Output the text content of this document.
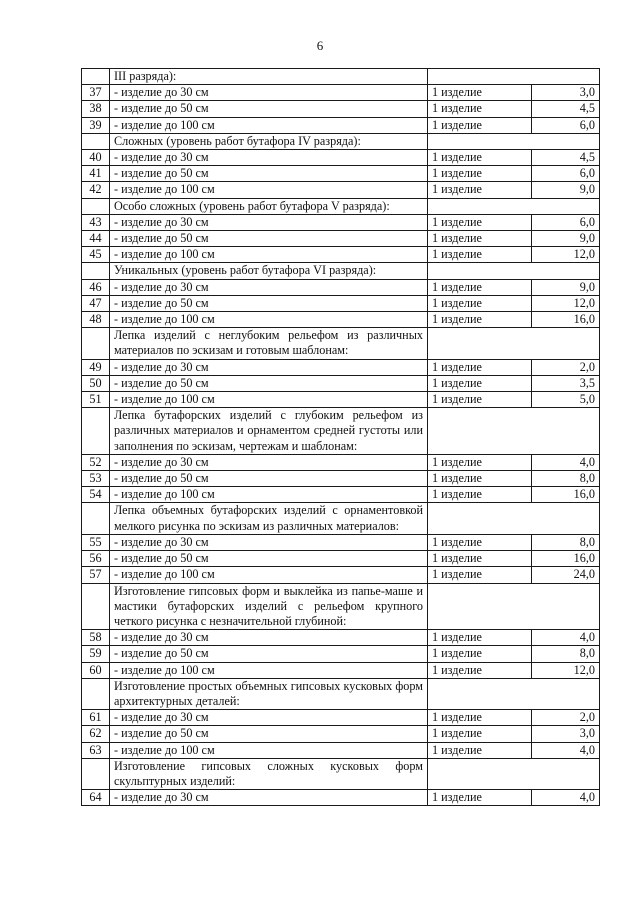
6
	III разряда):		
37	- изделие до 30 см	1 изделие	3,0
38	- изделие до 50 см	1 изделие	4,5
39	- изделие до 100 см	1 изделие	6,0
	Сложных (уровень работ бутафора IV разряда):		
40	- изделие до 30 см	1 изделие	4,5
41	- изделие до 50 см	1 изделие	6,0
42	- изделие до 100 см	1 изделие	9,0
	Особо сложных (уровень работ бутафора V разряда):		
43	- изделие до 30 см	1 изделие	6,0
44	- изделие до 50 см	1 изделие	9,0
45	- изделие до 100 см	1 изделие	12,0
	Уникальных (уровень работ бутафора VI разряда):		
46	- изделие до 30 см	1 изделие	9,0
47	- изделие до 50 см	1 изделие	12,0
48	- изделие до 100 см	1 изделие	16,0
	Лепка изделий с неглубоким рельефом из различных материалов по эскизам и готовым шаблонам:		
49	- изделие до 30 см	1 изделие	2,0
50	- изделие до 50 см	1 изделие	3,5
51	- изделие до 100 см	1 изделие	5,0
	Лепка бутафорских изделий с глубоким рельефом из различных материалов и орнаментом средней густоты или заполнения по эскизам, чертежам и шаблонам:		
52	- изделие до 30 см	1 изделие	4,0
53	- изделие до 50 см	1 изделие	8,0
54	- изделие до 100 см	1 изделие	16,0
	Лепка объемных бутафорских изделий с орнаментовкой мелкого рисунка по эскизам из различных материалов:		
55	- изделие до 30 см	1 изделие	8,0
56	- изделие до 50 см	1 изделие	16,0
57	- изделие до 100 см	1 изделие	24,0
	Изготовление гипсовых форм и выклейка из папье-маше и мастики бутафорских изделий с рельефом крупного четкого рисунка с незначительной глубиной:		
58	- изделие до 30 см	1 изделие	4,0
59	- изделие до 50 см	1 изделие	8,0
60	- изделие до 100 см	1 изделие	12,0
	Изготовление простых объемных гипсовых кусковых форм архитектурных деталей:		
61	- изделие до 30 см	1 изделие	2,0
62	- изделие до 50 см	1 изделие	3,0
63	- изделие до 100 см	1 изделие	4,0
	Изготовление гипсовых сложных кусковых форм скульптурных изделий:		
64	- изделие до 30 см	1 изделие	4,0
